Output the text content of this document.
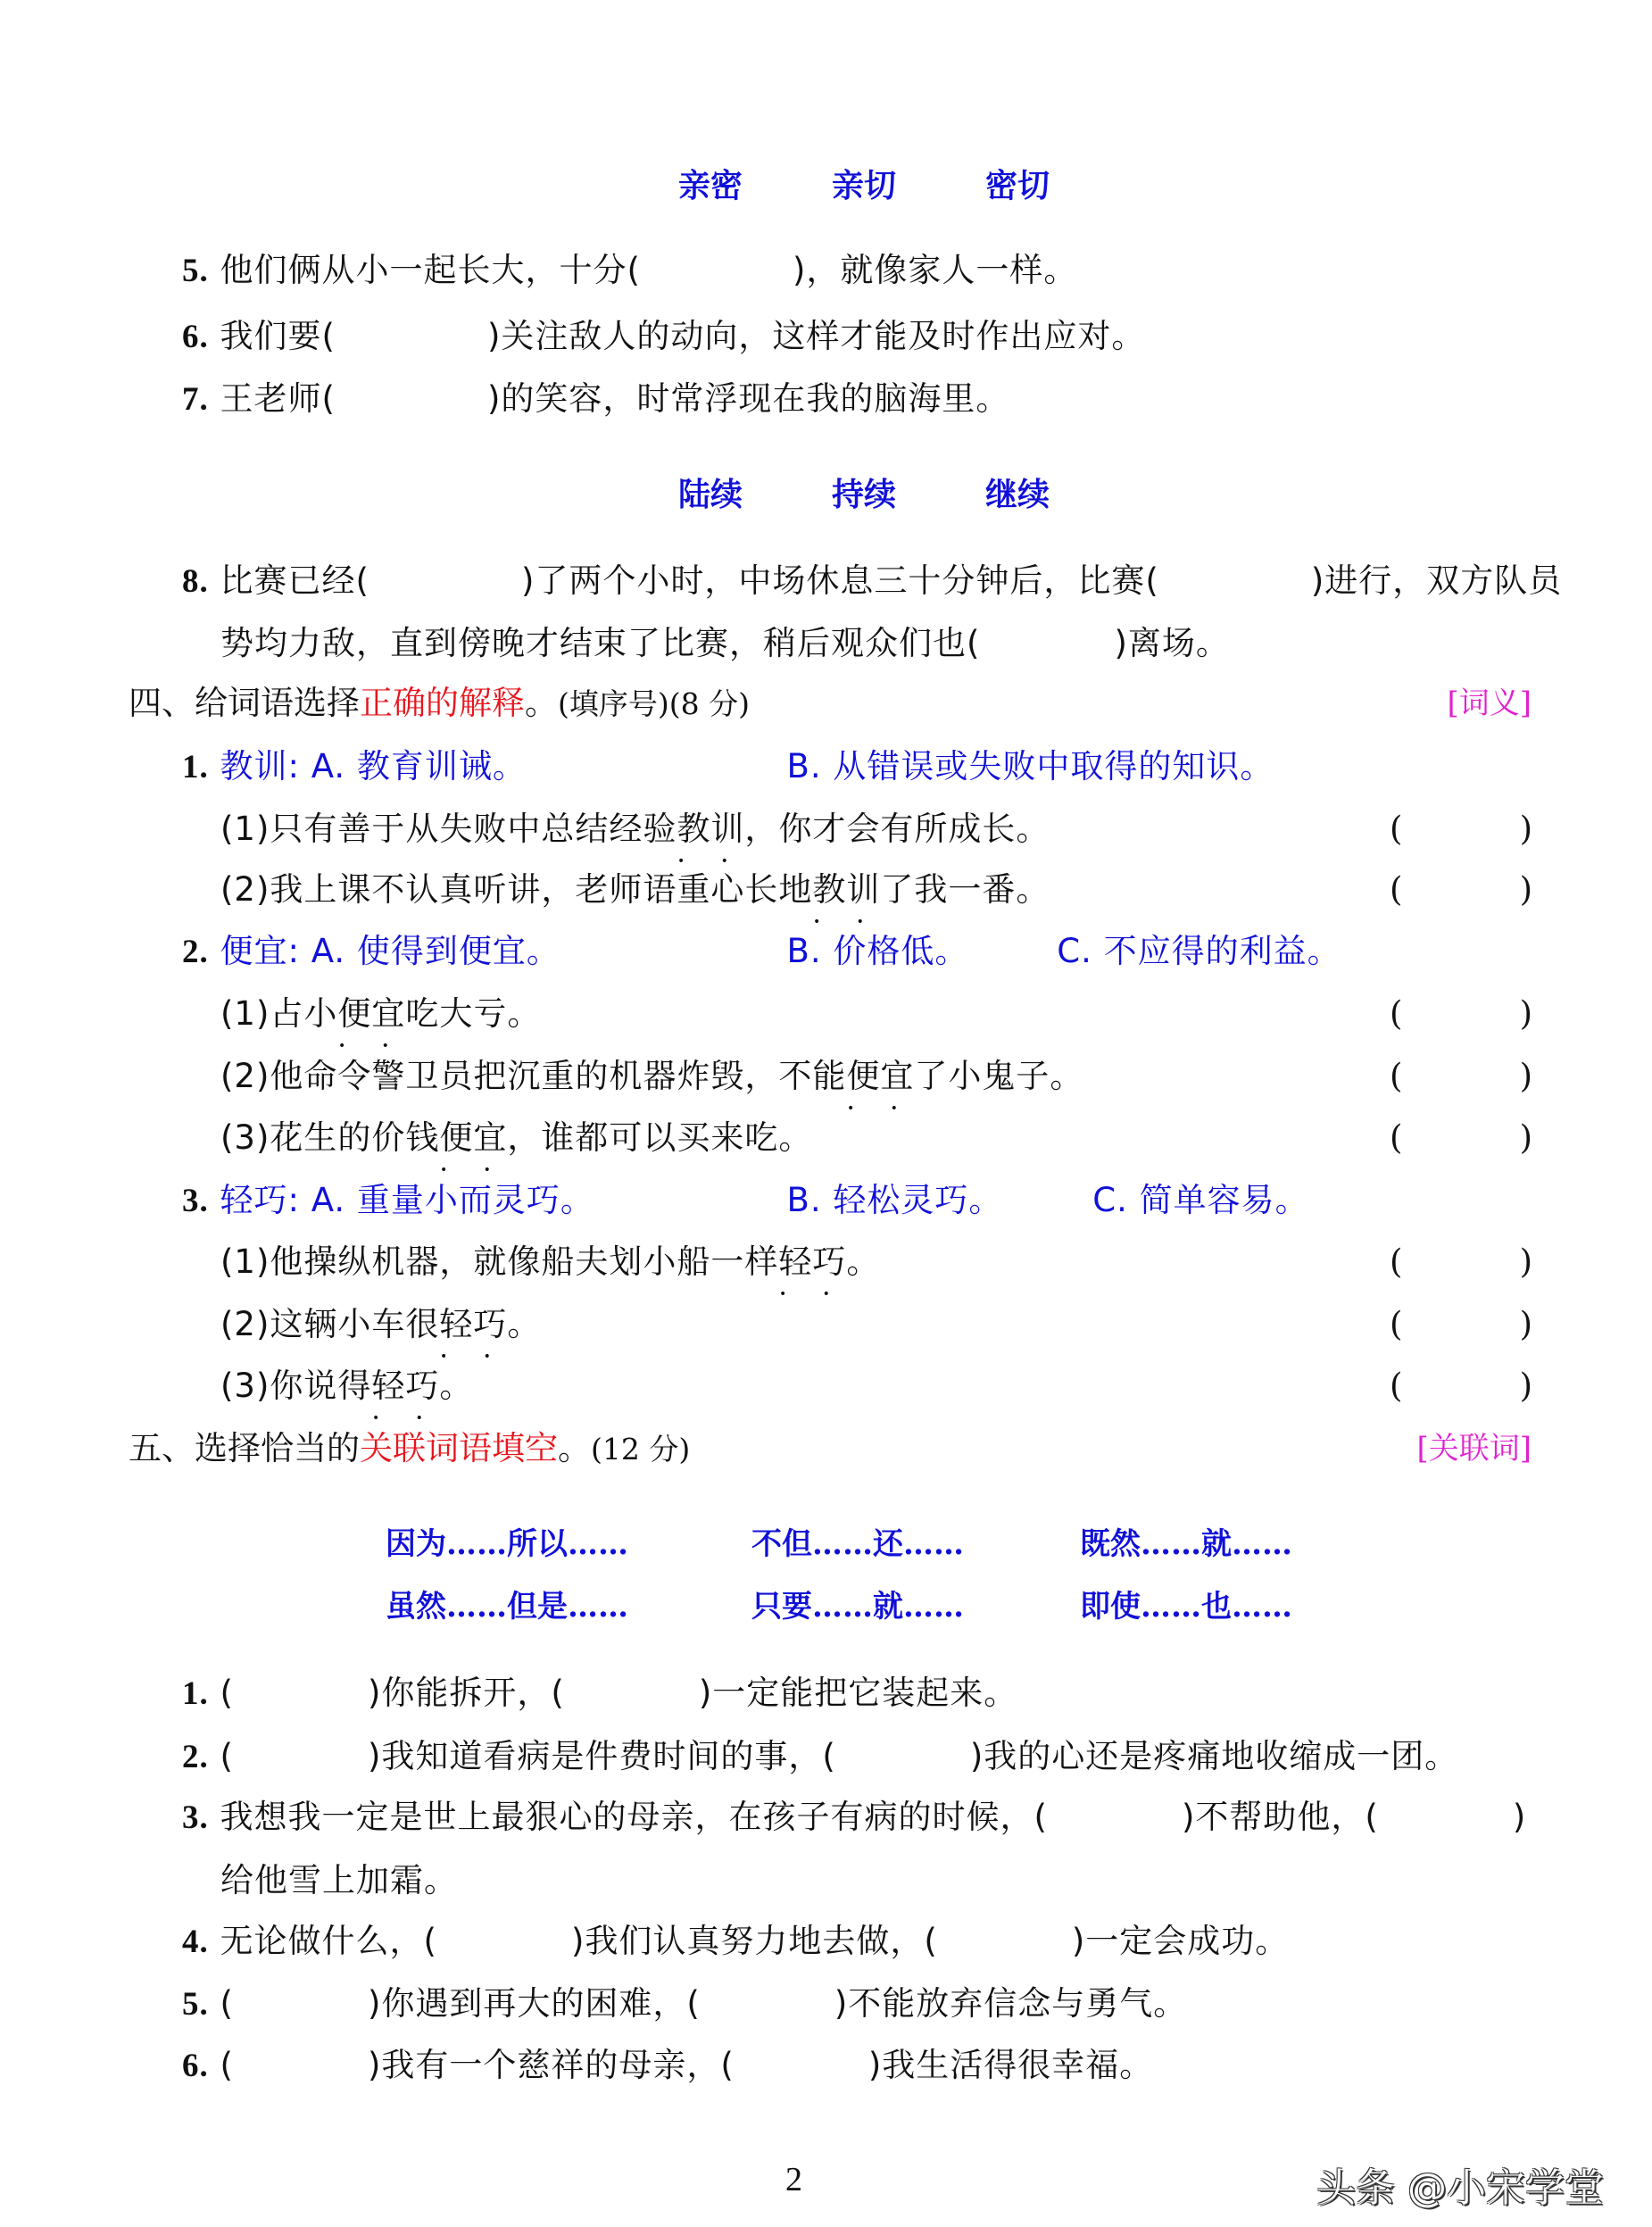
亲密	亲切	密切
5. 他们俩从小一起长大，十分(	)，就像家人一样。
6. 我们要(	)关注敌人的动向，这样才能及时作出应对。
7. 王老师(	)的笑容，时常浮现在我的脑海里。
陆续	持续	继续
8. 比赛已经(	)了两个小时，中场休息三十分钟后，比赛(	)进行，双方队员
势均力敌，直到傍晚才结束了比赛，稍后观众们也(	)离场。
四、给词语选择正确的解释。(填序号)(8 分)	[词义]
1. 教训: A. 教育训诫。	B. 从错误或失败中取得的知识。
(1)只有善于从失败中总结经验教训 • •，你才会有所成长。	(	)
(2)我上课不认真听讲，老师语重心长地教训 • •了我一番。	(	)
2. 便宜: A. 使得到便宜。	B. 价格低。	C. 不应得的利益。
(1)占小便宜 • •吃大亏。	(	)
(2)他命令警卫员把沉重的机器炸毁，不能便宜 • •了小鬼子。	(	)
(3)花生的价钱便宜 • •，谁都可以买来吃。	(	)
3. 轻巧: A. 重量小而灵巧。	B. 轻松灵巧。	C. 简单容易。
(1)他操纵机器，就像船夫划小船一样轻巧 • •。	(	)
(2)这辆小车很轻巧 • •。	(	)
(3)你说得轻巧 • •。	(	)
五、选择恰当的关联词语填空。(12 分)	[关联词]
因为……所以……	不但……还……	既然……就……
虽然……但是……	只要……就……	即使……也……
1. (	)你能拆开，(	)一定能把它装起来。
2. (	)我知道看病是件费时间的事，(	)我的心还是疼痛地收缩成一团。
3. 我想我一定是世上最狠心的母亲，在孩子有病的时候，(	)不帮助他，(	)
给他雪上加霜。
4. 无论做什么，(	)我们认真努力地去做，(	)一定会成功。
5. (	)你遇到再大的困难，(	)不能放弃信念与勇气。
6. (	)我有一个慈祥的母亲，(	)我生活得很幸福。
2	头条 @小宋学堂
